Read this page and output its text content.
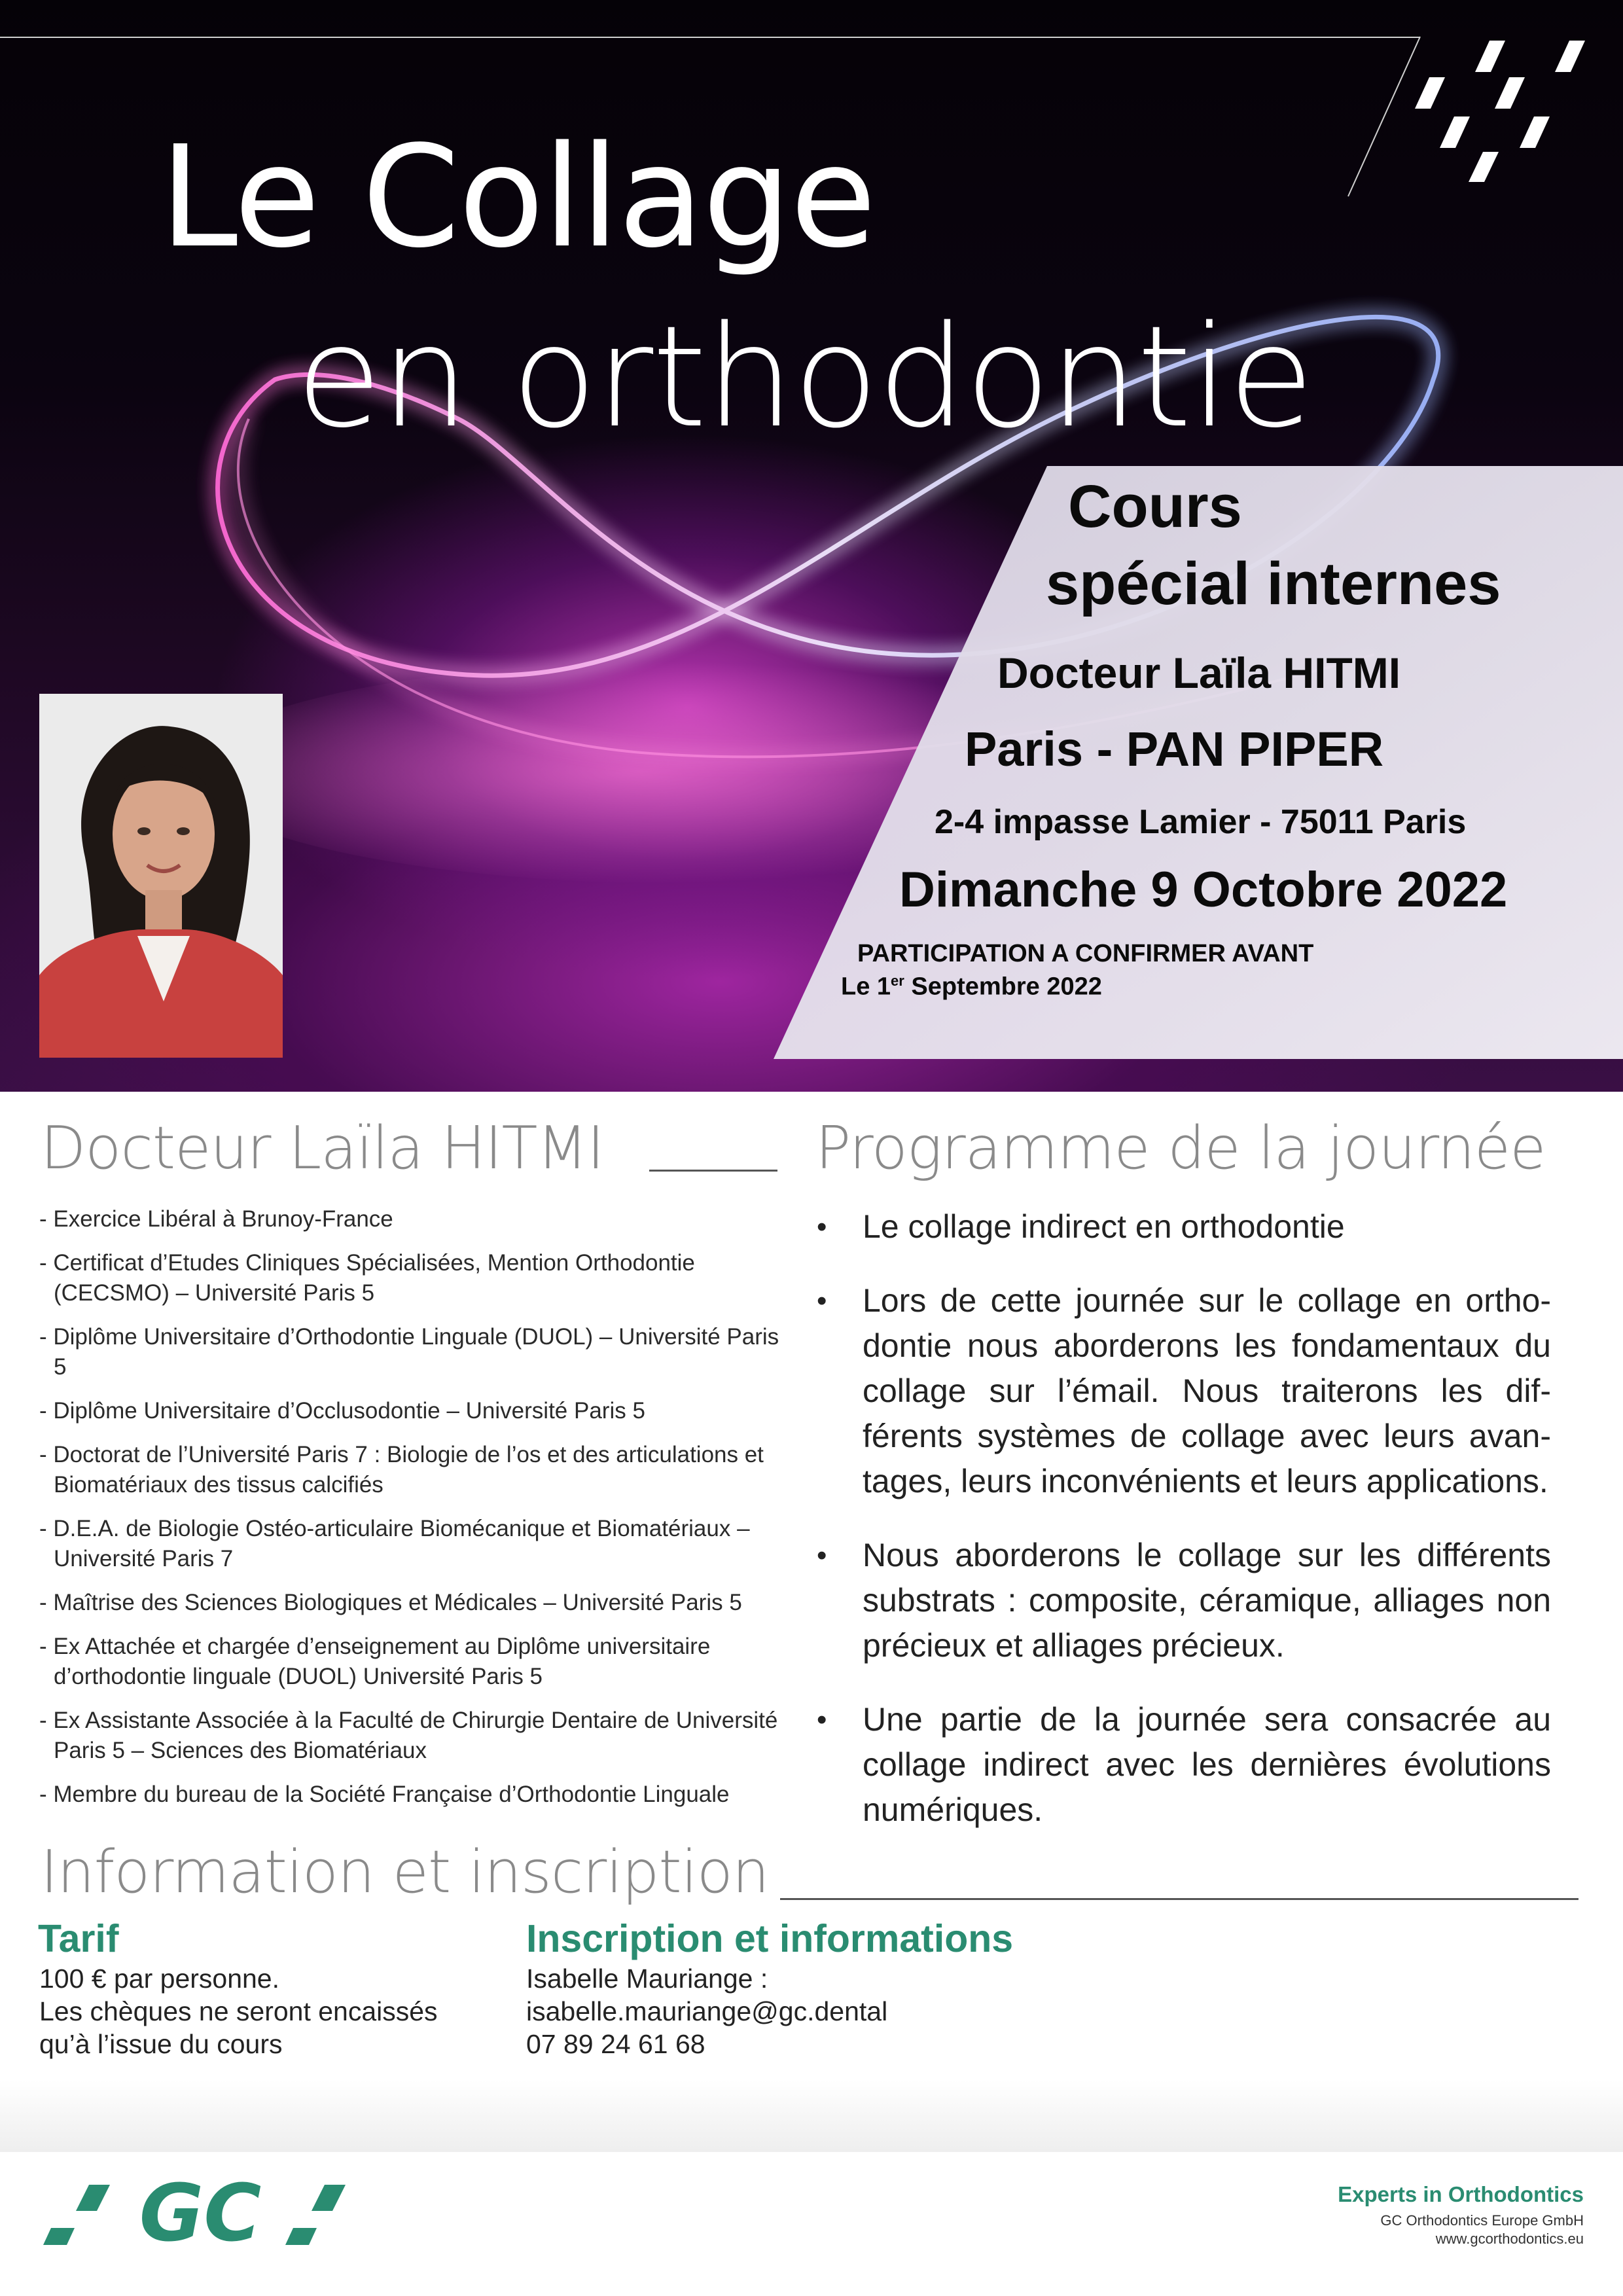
Le Collage
en orthodontie
Cours
spécial internes
Docteur Laïla HITMI
Paris - PAN PIPER
2-4 impasse Lamier - 75011 Paris
Dimanche 9 Octobre 2022
PARTICIPATION A CONFIRMER AVANT
Le 1er Septembre 2022
Docteur Laïla HITMI
- Exercice Libéral à Brunoy-France
- Certificat d’Etudes Cliniques Spécialisées, Mention Orthodontie (CECSMO) – Université Paris 5
- Diplôme Universitaire d’Orthodontie Linguale (DUOL) – Université Paris 5
- Diplôme Universitaire d’Occlusodontie – Université Paris 5
- Doctorat de l’Université Paris 7 : Biologie de l’os et des articulations et Biomatériaux des tissus calcifiés
- D.E.A. de Biologie Ostéo-articulaire Biomécanique et Biomatériaux – Université Paris 7
- Maîtrise des Sciences Biologiques et Médicales – Université Paris 5
- Ex Attachée et chargée d’enseignement au Diplôme universitaire d’orthodontie linguale (DUOL) Université Paris 5
- Ex Assistante Associée à la Faculté de Chirurgie Dentaire de Université Paris 5 – Sciences des Biomatériaux
- Membre du bureau de la Société Française d’Orthodontie Linguale
Programme de la journée
• Le collage indirect en orthodontie
• Lors de cette journée sur le collage en ortho-dontie nous aborderons les fondamentaux du collage sur l’émail. Nous traiterons les dif-férents systèmes de collage avec leurs avan-tages, leurs inconvénients et leurs applications.
• Nous aborderons le collage sur les différents substrats : composite, céramique, alliages non précieux et alliages précieux.
• Une partie de la journée sera consacrée au collage indirect avec les dernières évolutions numériques.
Information et inscription
Tarif
100 € par personne.
Les chèques ne seront encaissés
qu’à l’issue du cours
Inscription et informations
Isabelle Mauriange :
isabelle.mauriange@gc.dental
07 89 24 61 68
GC	Experts in Orthodontics
GC Orthodontics Europe GmbH
www.gcorthodontics.eu
